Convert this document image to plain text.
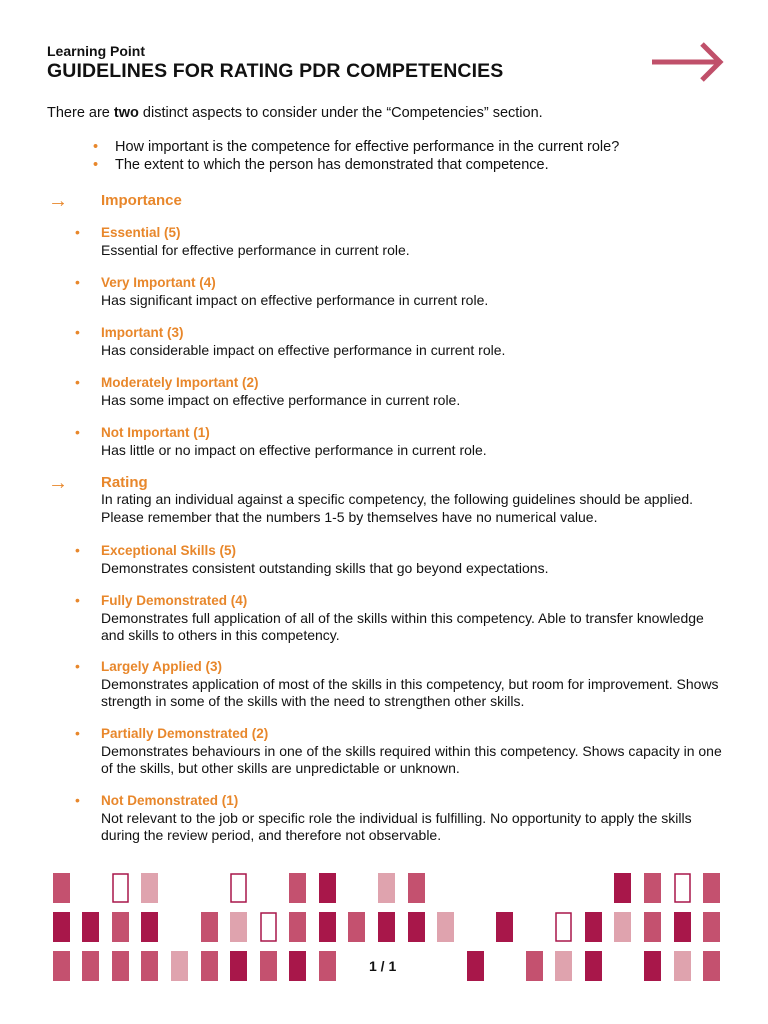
Learning Point
GUIDELINES FOR RATING PDR COMPETENCIES
There are two distinct aspects to consider under the “Competencies” section.
• How important is the competence for effective performance in the current role?
• The extent to which the person has demonstrated that competence.
→ Importance
• Essential (5)
Essential for effective performance in current role.
• Very Important (4)
Has significant impact on effective performance in current role.
• Important (3)
Has considerable impact on effective performance in current role.
• Moderately Important (2)
Has some impact on effective performance in current role.
• Not Important (1)
Has little or no impact on effective performance in current role.
→ Rating
In rating an individual against a specific competency, the following guidelines should be applied. Please remember that the numbers 1-5 by themselves have no numerical value.
• Exceptional Skills (5)
Demonstrates consistent outstanding skills that go beyond expectations.
• Fully Demonstrated (4)
Demonstrates full application of all of the skills within this competency. Able to transfer knowledge and skills to others in this competency.
• Largely Applied (3)
Demonstrates application of most of the skills in this competency, but room for improvement. Shows strength in some of the skills with the need to strengthen other skills.
• Partially Demonstrated (2)
Demonstrates behaviours in one of the skills required within this competency. Shows capacity in one of the skills, but other skills are unpredictable or unknown.
• Not Demonstrated (1)
Not relevant to the job or specific role the individual is fulfilling. No opportunity to apply the skills during the review period, and therefore not observable.
1 / 1
